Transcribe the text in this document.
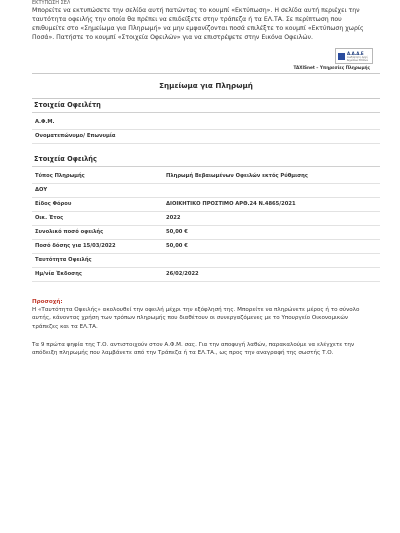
ΕΚΤΥΠΩΣΗ ΣΕΛ

Μπορείτε να εκτυπώσετε την σελίδα αυτή πατώντας το κουμπί «Εκτύπωση». Η σελίδα αυτή περιέχει την ταυτότητα οφειλής την οποία θα πρέπει να επιδείξετε στην τράπεζα ή τα ΕΛ.ΤΑ. Σε περίπτωση που επιθυμείτε στο «Σημείωμα για Πληρωμή» να μην εμφανίζονται ποσά επιλέξτε το κουμπί «Εκτύπωση χωρίς Ποσά». Πατήστε το κουμπί «Στοιχεία Οφειλών» για να επιστρέψετε στην Εικόνα Οφειλών.

Α.Α.Δ.Ε
Ανεξάρτητη Αρχή Δημοσίων Εσόδων
TAXISnet – Υπηρεσίες Πληρωμής
Σημείωμα για Πληρωμή
Στοιχεία Οφειλέτη
Α.Φ.Μ.
Ονοματεπώνυμο/ Επωνυμία
Στοιχεία Οφειλής
Τύπος Πληρωμής	Πληρωμή Βεβαιωμένων Οφειλών εκτός Ρύθμισης
ΔΟΥ
Είδος Φόρου	ΔΙΟΙΚΗΤΙΚΟ ΠΡΟΣΤΙΜΟ ΑΡΘ.24 Ν.4865/2021
Οικ. Έτος	2022
Συνολικό ποσό οφειλής	50,00 €
Ποσό δόσης για 15/03/2022	50,00 €
Ταυτότητα Οφειλής
Ημ/νία Έκδοσης	26/02/2022
Προσοχή:

Η «Ταυτότητα Οφειλής» ακολουθεί την οφειλή μέχρι την εξόφλησή της. Μπορείτε να πληρώνετε μέρος ή το σύνολο αυτής, κάνοντας χρήση των τρόπων πληρωμής που διαθέτουν οι συνεργαζόμενες με το Υπουργείο Οικονομικών τράπεζες και τα ΕΛ.ΤΑ.

Τα 9 πρώτα ψηφία της Τ.Ο. αντιστοιχούν στον Α.Φ.Μ. σας. Για την αποφυγή λαθών, παρακαλούμε να ελέγχετε την απόδειξη πληρωμής που λαμβάνετε από την Τράπεζα ή τα ΕΛ.ΤΑ., ως προς την αναγραφή της σωστής Τ.Ο.
